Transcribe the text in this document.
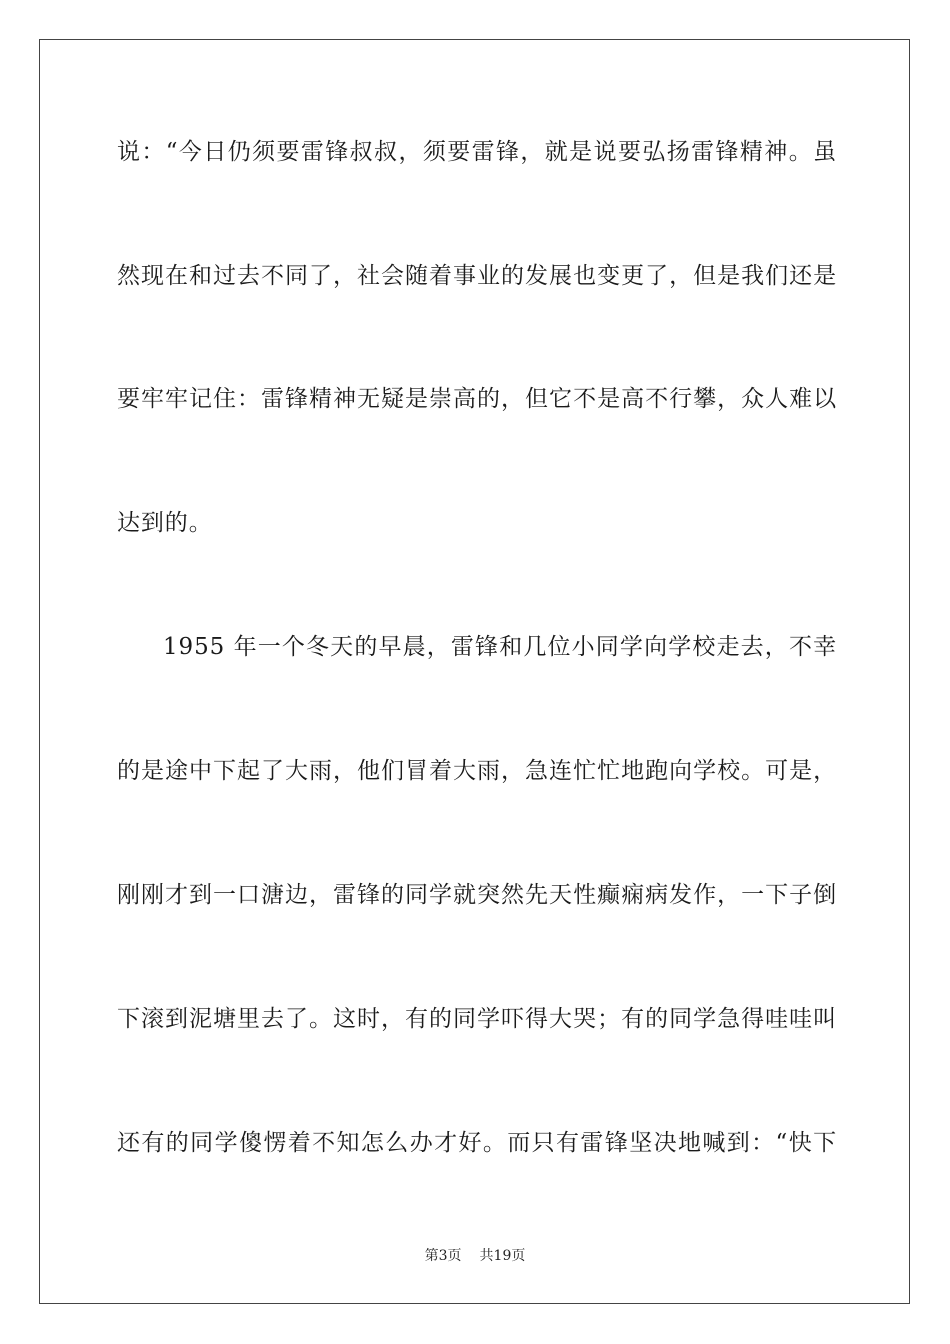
说：“今日仍须要雷锋叔叔，须要雷锋，就是说要弘扬雷锋精神。虽
然现在和过去不同了，社会随着事业的发展也变更了，但是我们还是
要牢牢记住：雷锋精神无疑是崇高的，但它不是高不行攀，众人难以
达到的。
1955 年一个冬天的早晨，雷锋和几位小同学向学校走去，不幸
的是途中下起了大雨，他们冒着大雨，急连忙忙地跑向学校。可是，
刚刚才到一口溏边，雷锋的同学就突然先天性癫痫病发作，一下子倒
下滚到泥塘里去了。这时，有的同学吓得大哭；有的同学急得哇哇叫
还有的同学傻愣着不知怎么办才好。而只有雷锋坚决地喊到：“快下
第3页 共19页
